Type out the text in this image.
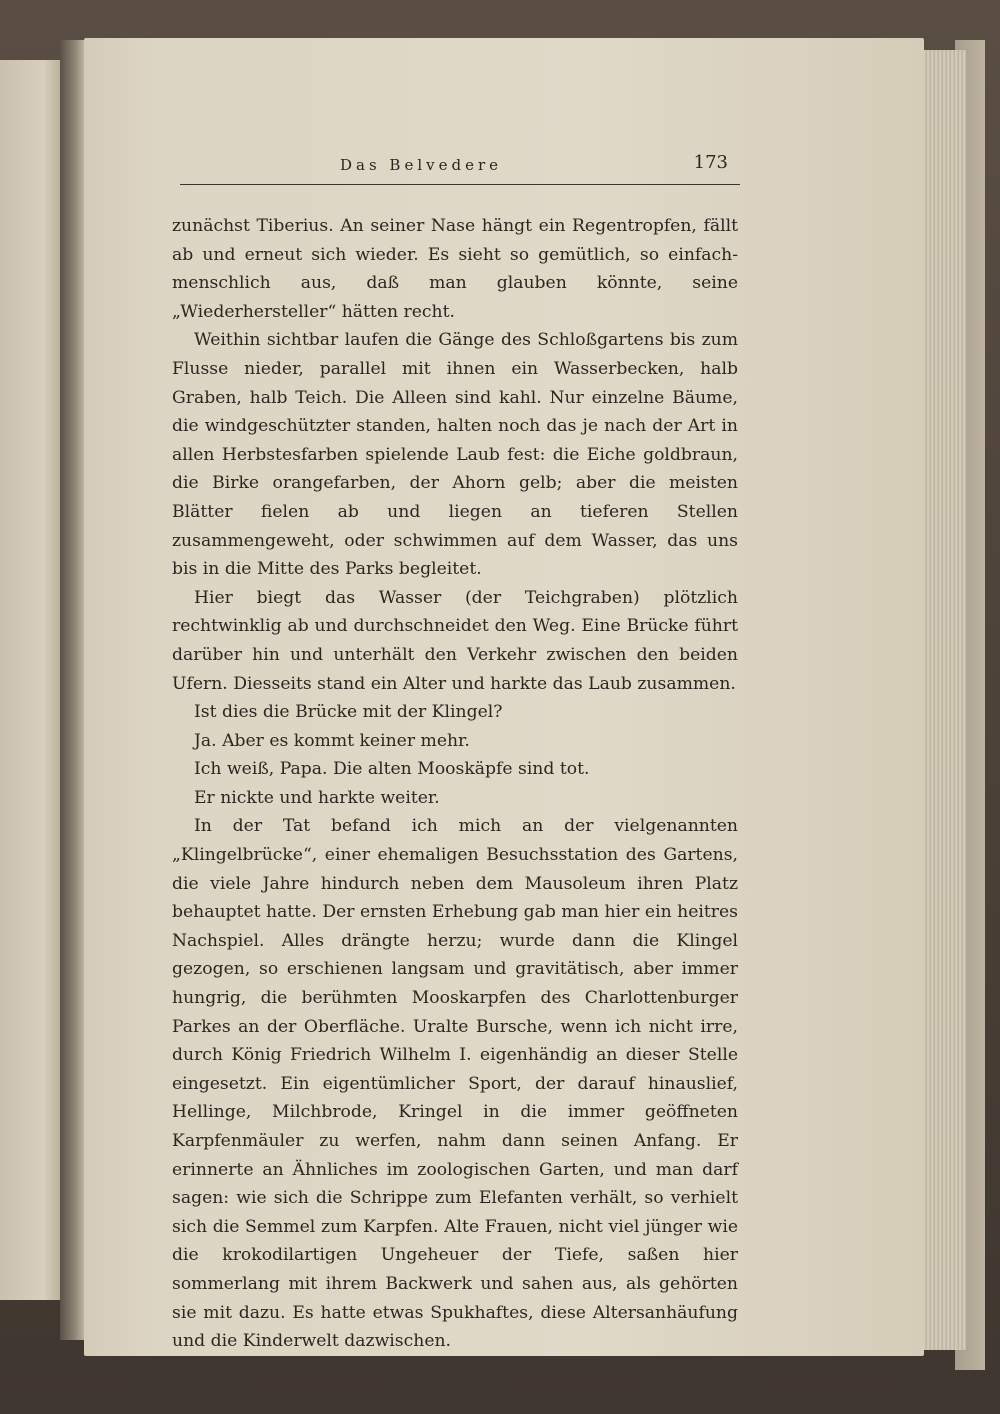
Das Belvedere	173

zunächst Tiberius. An seiner Nase hängt ein Regentropfen, fällt ab und erneut sich wieder. Es sieht so gemütlich, so einfach-menschlich aus, daß man glauben könnte, seine „Wiederhersteller“ hätten recht.

Weithin sichtbar laufen die Gänge des Schloßgartens bis zum Flusse nieder, parallel mit ihnen ein Wasserbecken, halb Graben, halb Teich. Die Alleen sind kahl. Nur einzelne Bäume, die windgeschützter standen, halten noch das je nach der Art in allen Herbstesfarben spielende Laub fest: die Eiche goldbraun, die Birke orangefarben, der Ahorn gelb; aber die meisten Blätter fielen ab und liegen an tieferen Stellen zusammengeweht, oder schwimmen auf dem Wasser, das uns bis in die Mitte des Parks begleitet.

Hier biegt das Wasser (der Teichgraben) plötzlich rechtwinklig ab und durchschneidet den Weg. Eine Brücke führt darüber hin und unterhält den Verkehr zwischen den beiden Ufern. Diesseits stand ein Alter und harkte das Laub zusammen.

Ist dies die Brücke mit der Klingel?

Ja. Aber es kommt keiner mehr.

Ich weiß, Papa. Die alten Mooskäpfe sind tot.

Er nickte und harkte weiter.

In der Tat befand ich mich an der vielgenannten „Klingelbrücke“, einer ehemaligen Besuchsstation des Gartens, die viele Jahre hindurch neben dem Mausoleum ihren Platz behauptet hatte. Der ernsten Erhebung gab man hier ein heitres Nachspiel. Alles drängte herzu; wurde dann die Klingel gezogen, so erschienen langsam und gravitätisch, aber immer hungrig, die berühmten Mooskarpfen des Charlottenburger Parkes an der Oberfläche. Uralte Bursche, wenn ich nicht irre, durch König Friedrich Wilhelm I. eigenhändig an dieser Stelle eingesetzt. Ein eigentümlicher Sport, der darauf hinauslief, Hellinge, Milchbrode, Kringel in die immer geöffneten Karpfenmäuler zu werfen, nahm dann seinen Anfang. Er erinnerte an Ähnliches im zoologischen Garten, und man darf sagen: wie sich die Schrippe zum Elefanten verhält, so verhielt sich die Semmel zum Karpfen. Alte Frauen, nicht viel jünger wie die krokodilartigen Ungeheuer der Tiefe, saßen hier sommerlang mit ihrem Backwerk und sahen aus, als gehörten sie mit dazu. Es hatte etwas Spukhaftes, diese Altersanhäufung und die Kinderwelt dazwischen.
